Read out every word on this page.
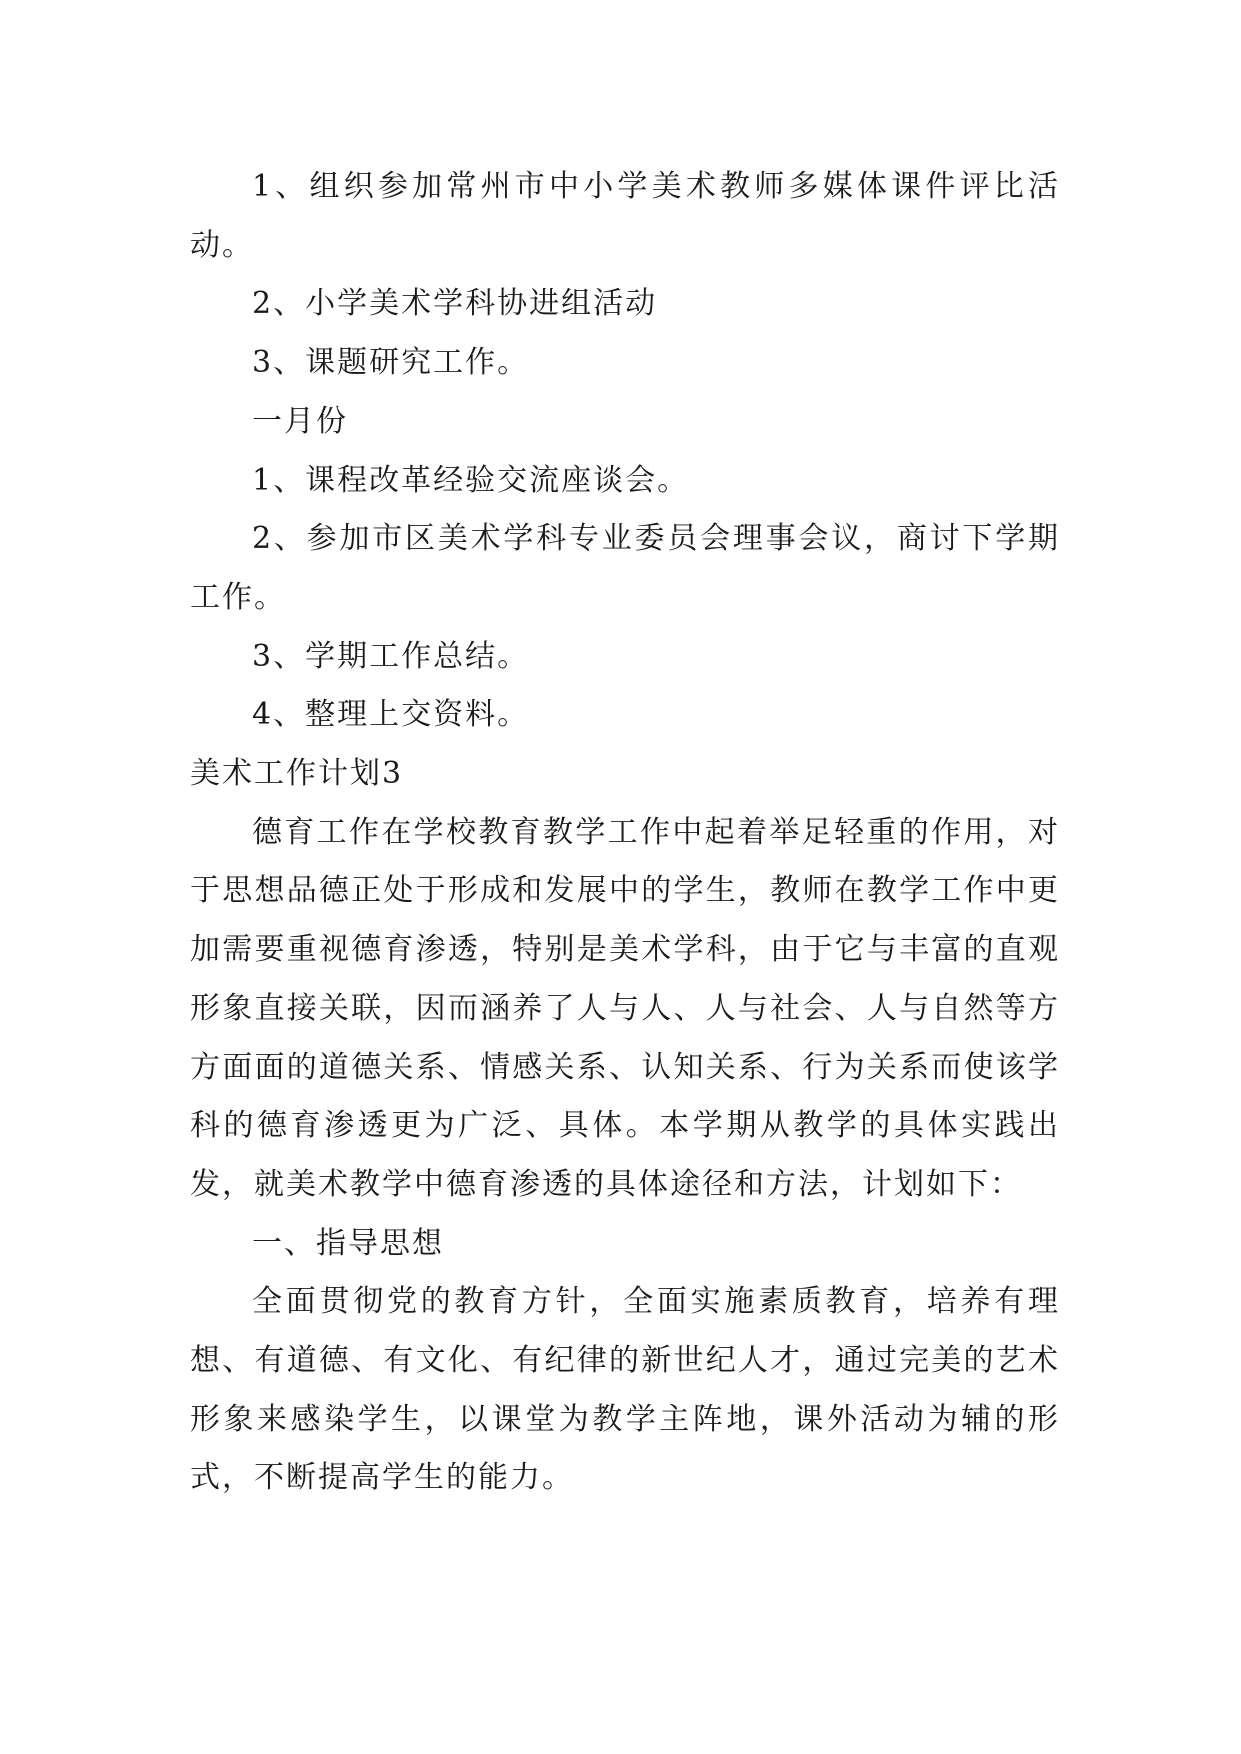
1、组织参加常州市中小学美术教师多媒体课件评比活动。

2、小学美术学科协进组活动

3、课题研究工作。

一月份

1、课程改革经验交流座谈会。

2、参加市区美术学科专业委员会理事会议，商讨下学期工作。

3、学期工作总结。

4、整理上交资料。

美术工作计划3

德育工作在学校教育教学工作中起着举足轻重的作用，对于思想品德正处于形成和发展中的学生，教师在教学工作中更加需要重视德育渗透，特别是美术学科，由于它与丰富的直观形象直接关联，因而涵养了人与人、人与社会、人与自然等方方面面的道德关系、情感关系、认知关系、行为关系而使该学科的德育渗透更为广泛、具体。本学期从教学的具体实践出发，就美术教学中德育渗透的具体途径和方法，计划如下：

一、指导思想

全面贯彻党的教育方针，全面实施素质教育，培养有理想、有道德、有文化、有纪律的新世纪人才，通过完美的艺术形象来感染学生，以课堂为教学主阵地，课外活动为辅的形式，不断提高学生的能力。
